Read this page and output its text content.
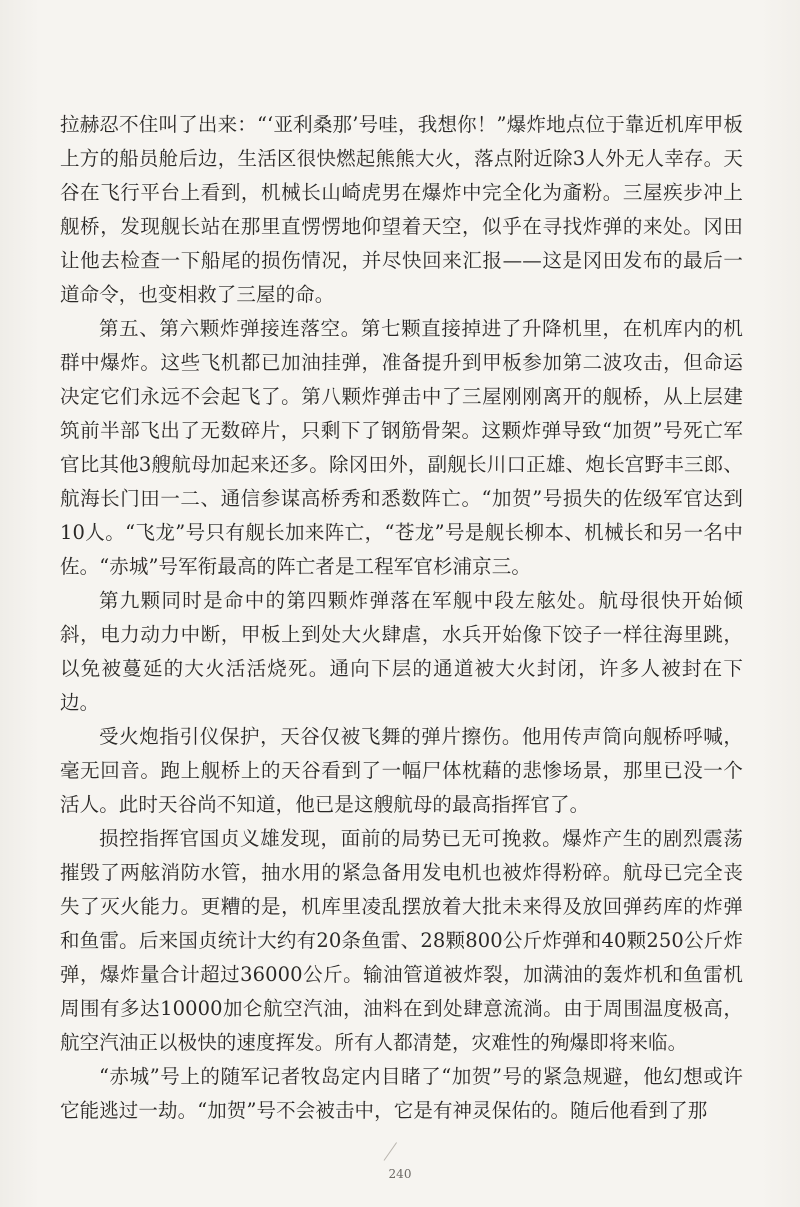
拉赫忍不住叫了出来：“‘亚利桑那’号哇，我想你！”爆炸地点位于靠近机库甲板上方的船员舱后边，生活区很快燃起熊熊大火，落点附近除3人外无人幸存。天谷在飞行平台上看到，机械长山崎虎男在爆炸中完全化为齑粉。三屋疾步冲上舰桥，发现舰长站在那里直愣愣地仰望着天空，似乎在寻找炸弹的来处。冈田让他去检查一下船尾的损伤情况，并尽快回来汇报——这是冈田发布的最后一道命令，也变相救了三屋的命。

第五、第六颗炸弹接连落空。第七颗直接掉进了升降机里，在机库内的机群中爆炸。这些飞机都已加油挂弹，准备提升到甲板参加第二波攻击，但命运决定它们永远不会起飞了。第八颗炸弹击中了三屋刚刚离开的舰桥，从上层建筑前半部飞出了无数碎片，只剩下了钢筋骨架。这颗炸弹导致“加贺”号死亡军官比其他3艘航母加起来还多。除冈田外，副舰长川口正雄、炮长宫野丰三郎、航海长门田一二、通信参谋高桥秀和悉数阵亡。“加贺”号损失的佐级军官达到10人。“飞龙”号只有舰长加来阵亡，“苍龙”号是舰长柳本、机械长和另一名中佐。“赤城”号军衔最高的阵亡者是工程军官杉浦京三。

第九颗同时是命中的第四颗炸弹落在军舰中段左舷处。航母很快开始倾斜，电力动力中断，甲板上到处大火肆虐，水兵开始像下饺子一样往海里跳，以免被蔓延的大火活活烧死。通向下层的通道被大火封闭，许多人被封在下边。

受火炮指引仪保护，天谷仅被飞舞的弹片擦伤。他用传声筒向舰桥呼喊，毫无回音。跑上舰桥上的天谷看到了一幅尸体枕藉的悲惨场景，那里已没一个活人。此时天谷尚不知道，他已是这艘航母的最高指挥官了。

损控指挥官国贞义雄发现，面前的局势已无可挽救。爆炸产生的剧烈震荡摧毁了两舷消防水管，抽水用的紧急备用发电机也被炸得粉碎。航母已完全丧失了灭火能力。更糟的是，机库里凌乱摆放着大批未来得及放回弹药库的炸弹和鱼雷。后来国贞统计大约有20条鱼雷、28颗800公斤炸弹和40颗250公斤炸弹，爆炸量合计超过36000公斤。输油管道被炸裂，加满油的轰炸机和鱼雷机周围有多达10000加仑航空汽油，油料在到处肆意流淌。由于周围温度极高，航空汽油正以极快的速度挥发。所有人都清楚，灾难性的殉爆即将来临。

“赤城”号上的随军记者牧岛定内目睹了“加贺”号的紧急规避，他幻想或许它能逃过一劫。“加贺”号不会被击中，它是有神灵保佑的。随后他看到了那

240
